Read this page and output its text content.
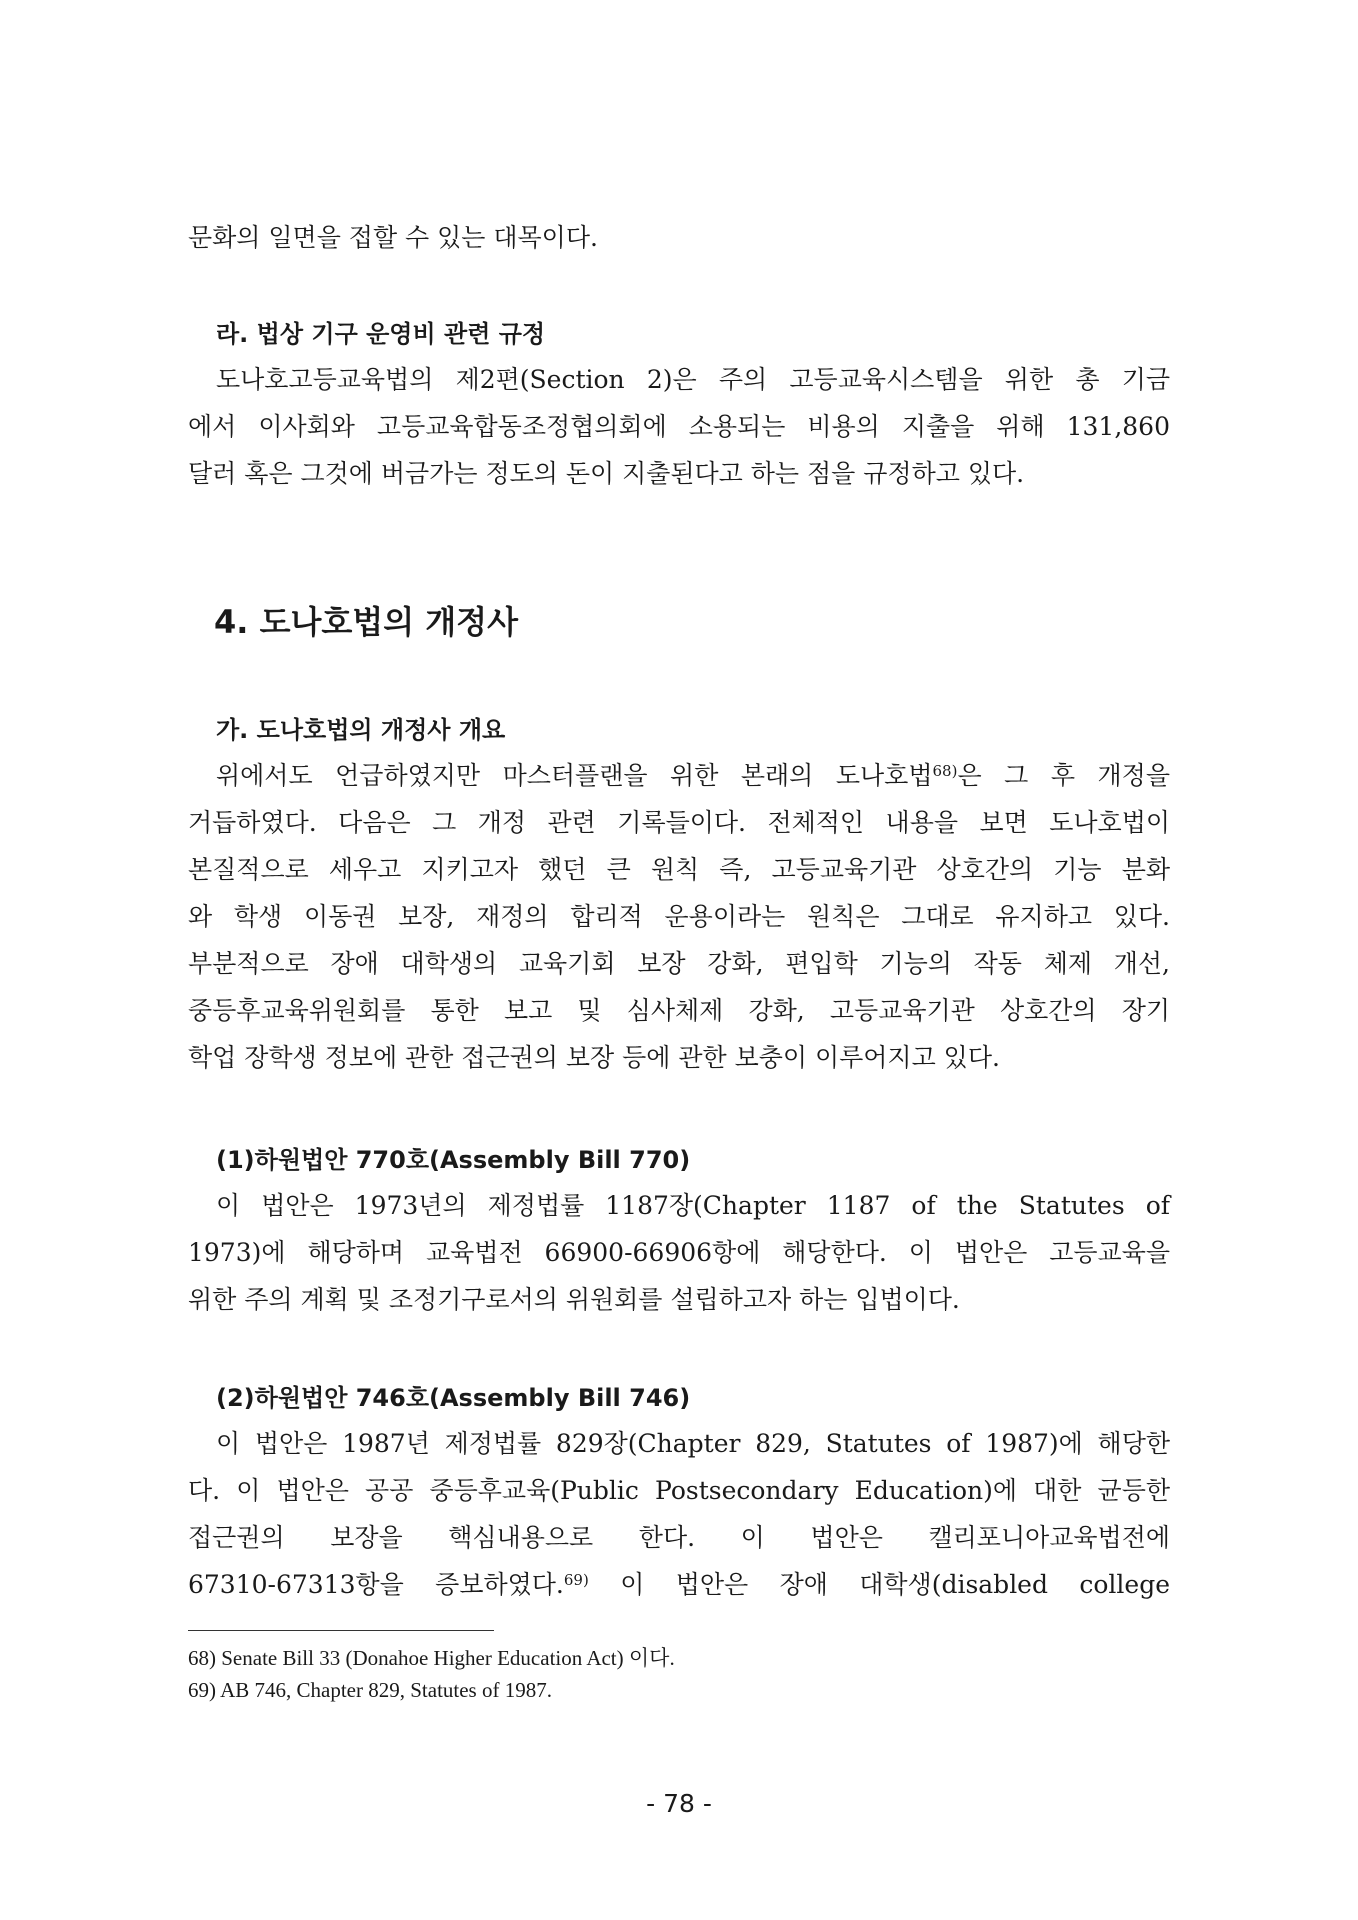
문화의 일면을 접할 수 있는 대목이다.
라. 법상 기구 운영비 관련 규정
도나호고등교육법의 제2편(Section 2)은 주의 고등교육시스템을 위한 총 기금
에서 이사회와 고등교육합동조정협의회에 소용되는 비용의 지출을 위해 131,860
달러 혹은 그것에 버금가는 정도의 돈이 지출된다고 하는 점을 규정하고 있다.
4. 도나호법의 개정사
가. 도나호법의 개정사 개요
위에서도 언급하였지만 마스터플랜을 위한 본래의 도나호법$^{68)}$은 그 후 개정을
거듭하였다. 다음은 그 개정 관련 기록들이다. 전체적인 내용을 보면 도나호법이
본질적으로 세우고 지키고자 했던 큰 원칙 즉, 고등교육기관 상호간의 기능 분화
와 학생 이동권 보장, 재정의 합리적 운용이라는 원칙은 그대로 유지하고 있다.
부분적으로 장애 대학생의 교육기회 보장 강화, 편입학 기능의 작동 체제 개선,
중등후교육위원회를 통한 보고 및 심사체제 강화, 고등교육기관 상호간의 장기
학업 장학생 정보에 관한 접근권의 보장 등에 관한 보충이 이루어지고 있다.
(1)하원법안 770호(Assembly Bill 770)
이 법안은 1973년의 제정법률 1187장(Chapter 1187 of the Statutes of
1973)에 해당하며 교육법전 66900-66906항에 해당한다. 이 법안은 고등교육을
위한 주의 계획 및 조정기구로서의 위원회를 설립하고자 하는 입법이다.
(2)하원법안 746호(Assembly Bill 746)
이 법안은 1987년 제정법률 829장(Chapter 829, Statutes of 1987)에 해당한
다. 이 법안은 공공 중등후교육(Public Postsecondary Education)에 대한 균등한
접근권의 보장을 핵심내용으로 한다. 이 법안은 캘리포니아교육법전에
67310-67313항을 증보하였다.$^{69)}$ 이 법안은 장애 대학생(disabled college
68) Senate Bill 33 (Donahoe Higher Education Act) 이다.
69) AB 746, Chapter 829, Statutes of 1987.
- 78 -
